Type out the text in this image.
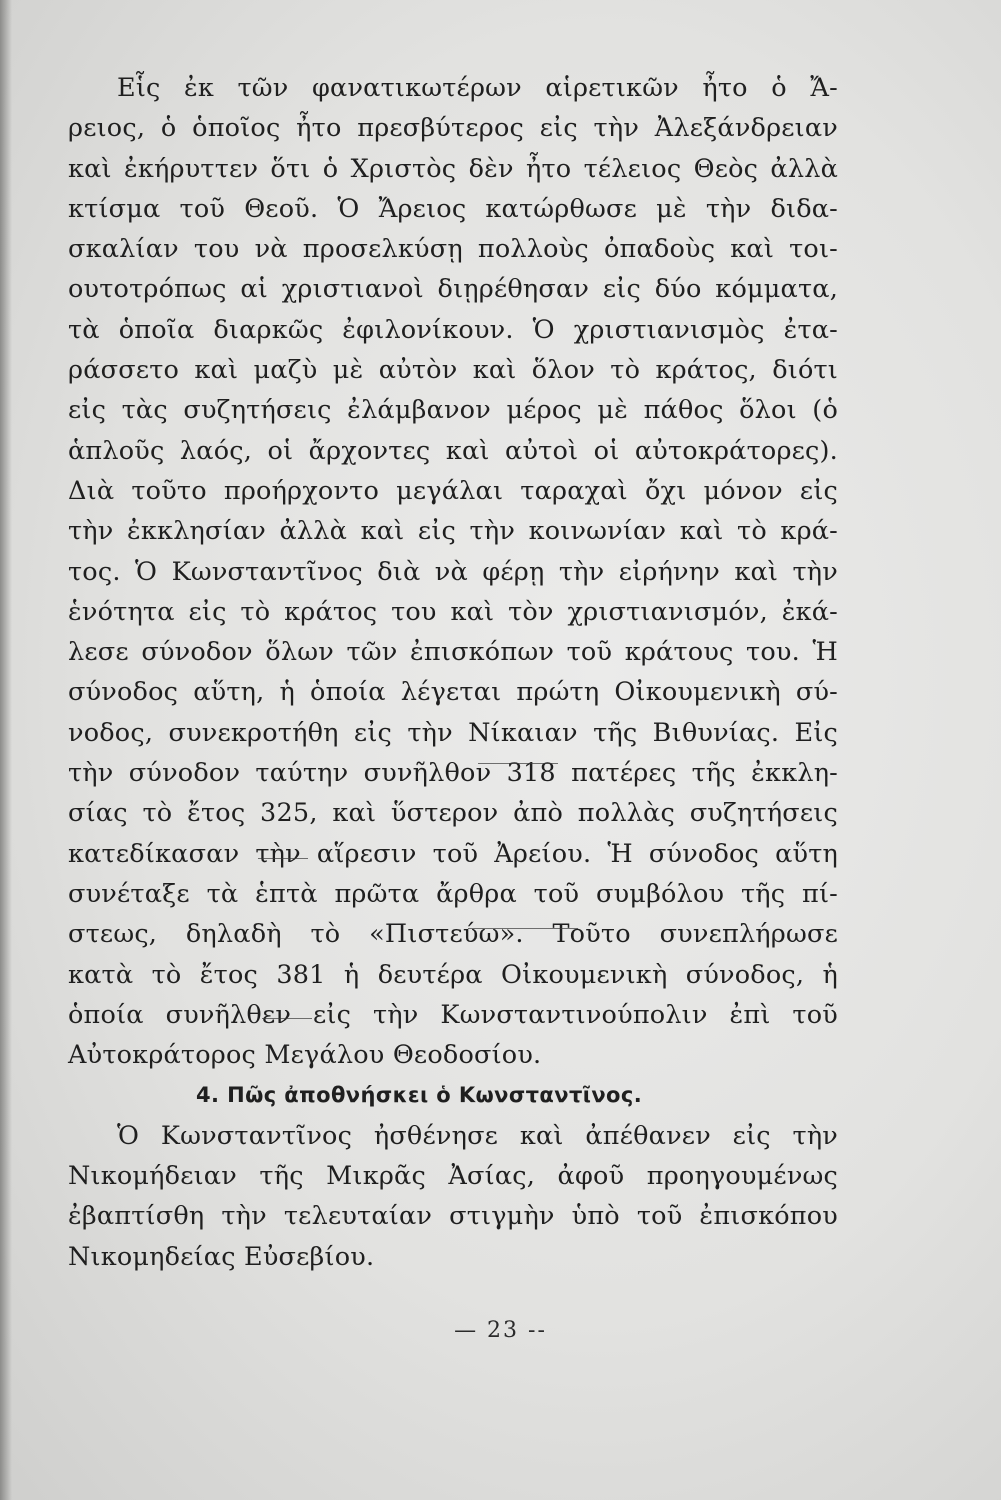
Εἷς ἐκ τῶν φανατικωτέρων αἱρετικῶν ἦτο ὁ Ἄ-
ρειος, ὁ ὁποῖος ἦτο πρεσβύτερος εἰς τὴν Ἀλεξάνδρειαν
καὶ ἐκήρυττεν ὅτι ὁ Χριστὸς δὲν ἦτο τέλειος Θεὸς ἀλλὰ
κτίσμα τοῦ Θεοῦ. Ὁ Ἄρειος κατώρθωσε μὲ τὴν διδα-
σκαλίαν του νὰ προσελκύσῃ πολλοὺς ὀπαδοὺς καὶ τοι-
ουτοτρόπως αἱ χριστιανοὶ διῃρέθησαν εἰς δύο κόμματα,
τὰ ὁποῖα διαρκῶς ἐφιλονίκουν. Ὁ χριστιανισμὸς ἐτα-
ράσσετο καὶ μαζὺ μὲ αὐτὸν καὶ ὅλον τὸ κράτος, διότι
εἰς τὰς συζητήσεις ἐλάμβανον μέρος μὲ πάθος ὅλοι (ὁ
ἁπλοῦς λαός, οἱ ἄρχοντες καὶ αὐτοὶ οἱ αὐτοκράτορες).
Διὰ τοῦτο προήρχοντο μεγάλαι ταραχαὶ ὄχι μόνον εἰς
τὴν ἐκκλησίαν ἀλλὰ καὶ εἰς τὴν κοινωνίαν καὶ τὸ κρά-
τος. Ὁ Κωνσταντῖνος διὰ νὰ φέρῃ τὴν εἰρήνην καὶ τὴν
ἑνότητα εἰς τὸ κράτος του καὶ τὸν χριστιανισμόν, ἐκά-
λεσε σύνοδον ὅλων τῶν ἐπισκόπων τοῦ κράτους του. Ἡ
σύνοδος αὕτη, ἡ ὁποία λέγεται πρώτη Οἰκουμενικὴ σύ-
νοδος, συνεκροτήθη εἰς τὴν Νίκαιαν τῆς Βιθυνίας. Εἰς
τὴν σύνοδον ταύτην συνῆλθον 318 πατέρες τῆς ἐκκλη-
σίας τὸ ἔτος 325, καὶ ὕστερον ἀπὸ πολλὰς συζητήσεις
κατεδίκασαν τὴν αἵρεσιν τοῦ Ἀρείου. Ἡ σύνοδος αὕτη
συνέταξε τὰ ἑπτὰ πρῶτα ἄρθρα τοῦ συμβόλου τῆς πί-
στεως, δηλαδὴ τὸ «Πιστεύω». Τοῦτο συνεπλήρωσε
κατὰ τὸ ἔτος 381 ἡ δευτέρα Οἰκουμενικὴ σύνοδος, ἡ
ὁποία συνῆλθεν εἰς τὴν Κωνσταντινούπολιν ἐπὶ τοῦ
Αὐτοκράτορος Μεγάλου Θεοδοσίου.
4. Πῶς ἀποθνήσκει ὁ Κωνσταντῖνος.
Ὁ Κωνσταντῖνος ἠσθένησε καὶ ἀπέθανεν εἰς τὴν
Νικομήδειαν τῆς Μικρᾶς Ἀσίας, ἀφοῦ προηγουμένως
ἐβαπτίσθη τὴν τελευταίαν στιγμὴν ὑπὸ τοῦ ἐπισκόπου
Νικομηδείας Εὐσεβίου.
— 23 --
